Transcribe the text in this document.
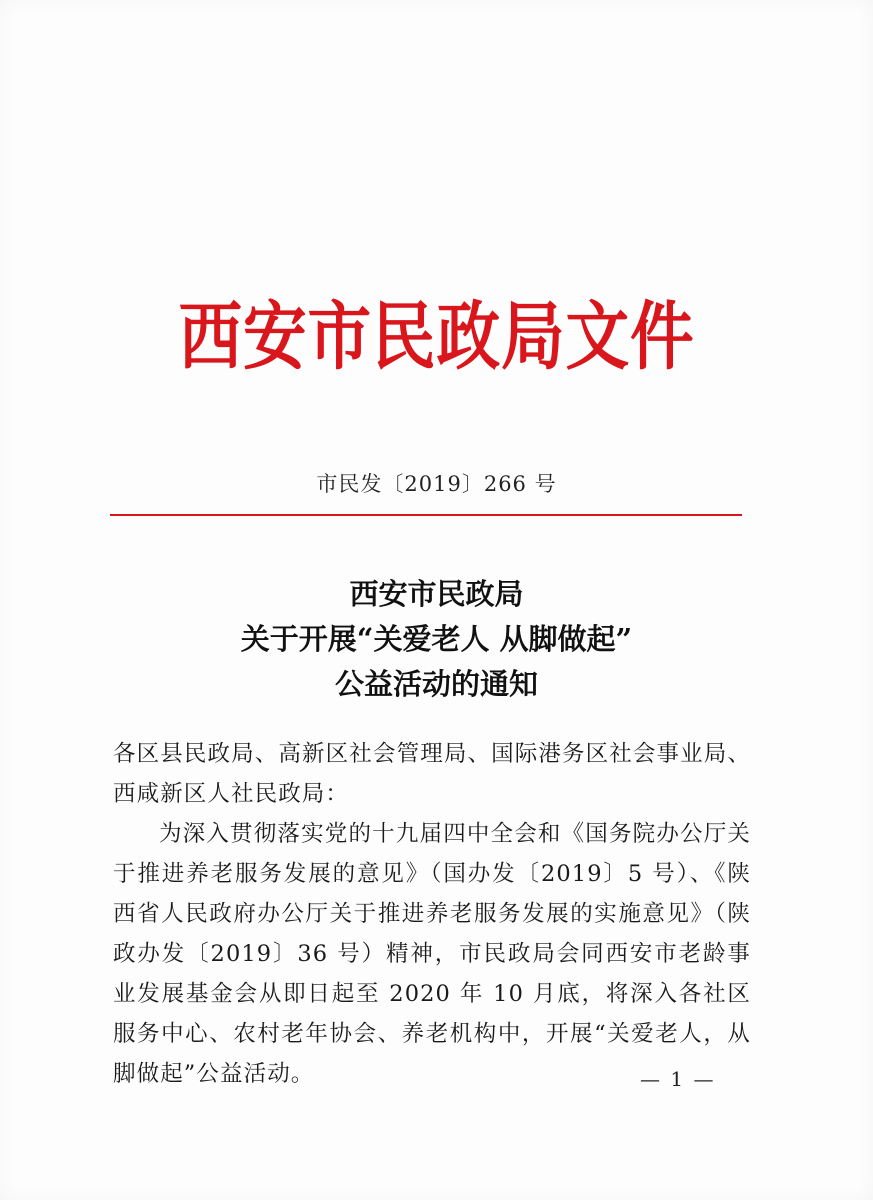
西安市民政局文件
市民发〔2019〕266 号
西安市民政局
关于开展“关爱老人 从脚做起”
公益活动的通知

各区县民政局、高新区社会管理局、国际港务区社会事业局、西咸新区人社民政局：

为深入贯彻落实党的十九届四中全会和《国务院办公厅关于推进养老服务发展的意见》（国办发〔2019〕5 号）、《陕西省人民政府办公厅关于推进养老服务发展的实施意见》（陕政办发〔2019〕36 号）精神，市民政局会同西安市老龄事业发展基金会从即日起至 2020 年 10 月底，将深入各社区服务中心、农村老年协会、养老机构中，开展“关爱老人，从脚做起”公益活动。	— 1 —
